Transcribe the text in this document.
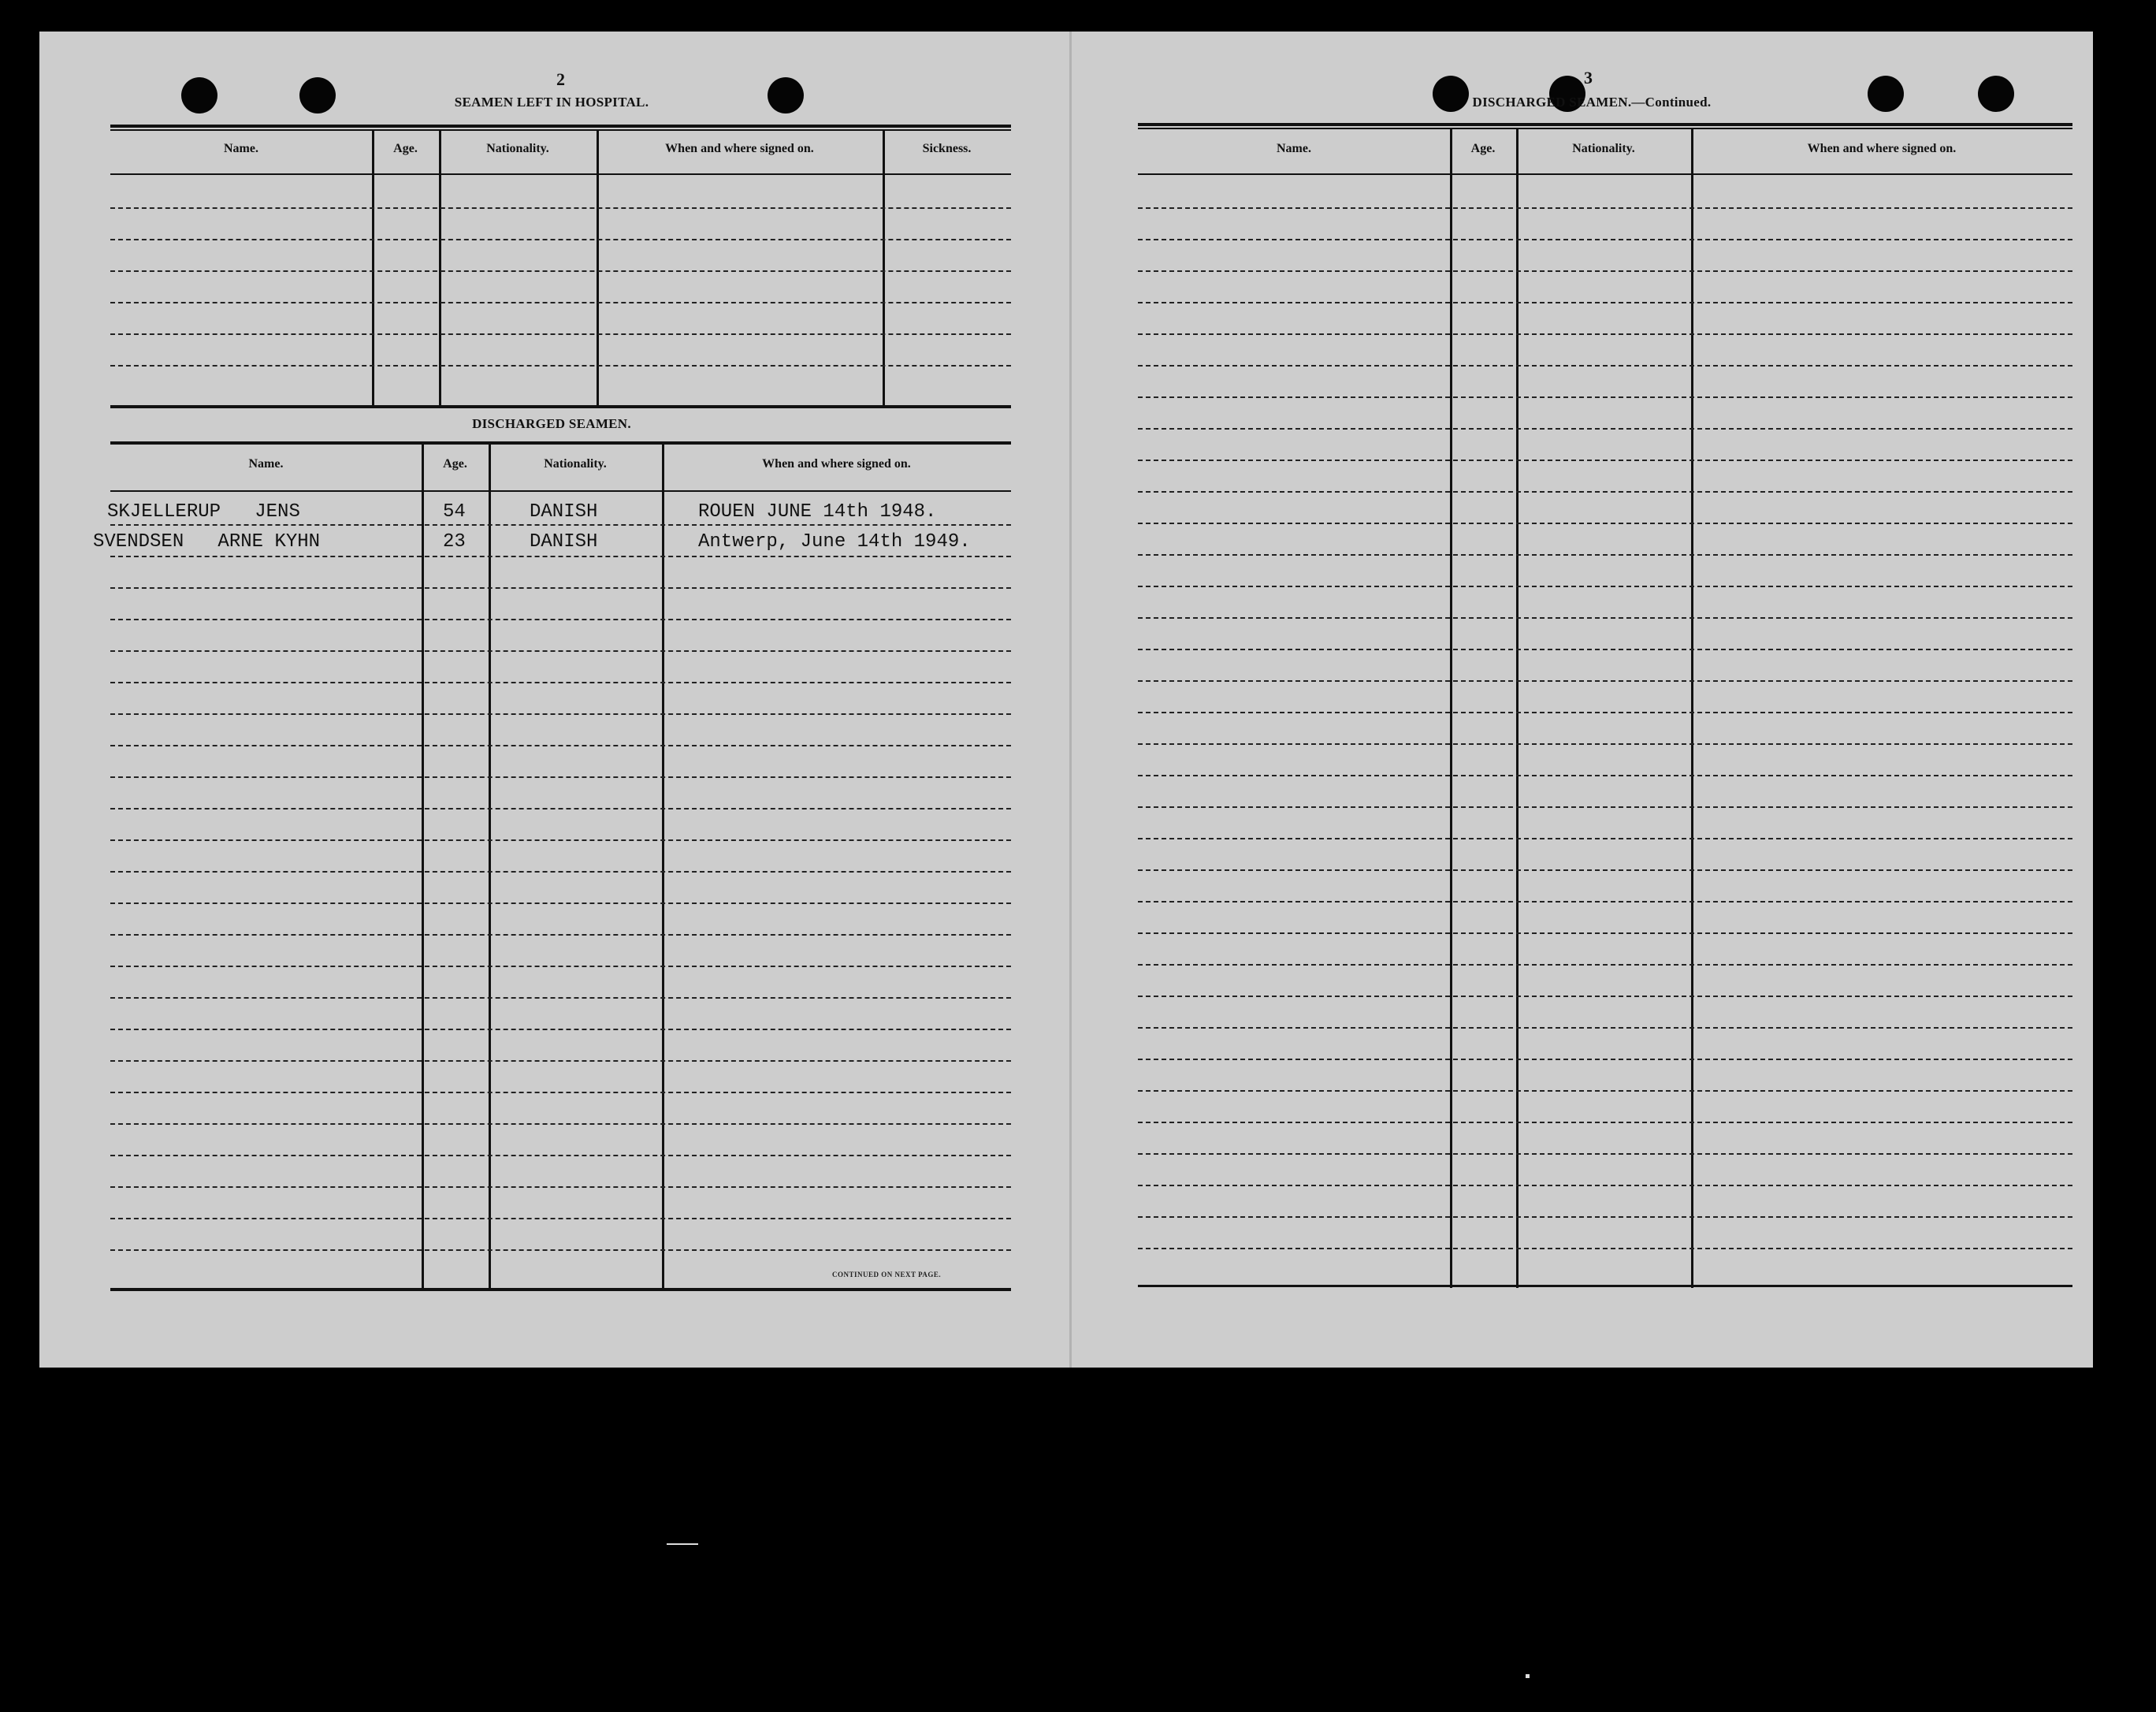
2
SEAMEN LEFT IN HOSPITAL.
Name.	Age.	Nationality.	When and where signed on.	Sickness.
DISCHARGED SEAMEN.
Name.	Age.	Nationality.	When and where signed on.
SKJELLERUP   JENS	54	DANISH	ROUEN JUNE 14th 1948.
SVENDSEN   ARNE KYHN	23	DANISH	Antwerp, June 14th 1949.
CONTINUED ON NEXT PAGE.
3
DISCHARGED SEAMEN.—Continued.
Name.	Age.	Nationality.	When and where signed on.
